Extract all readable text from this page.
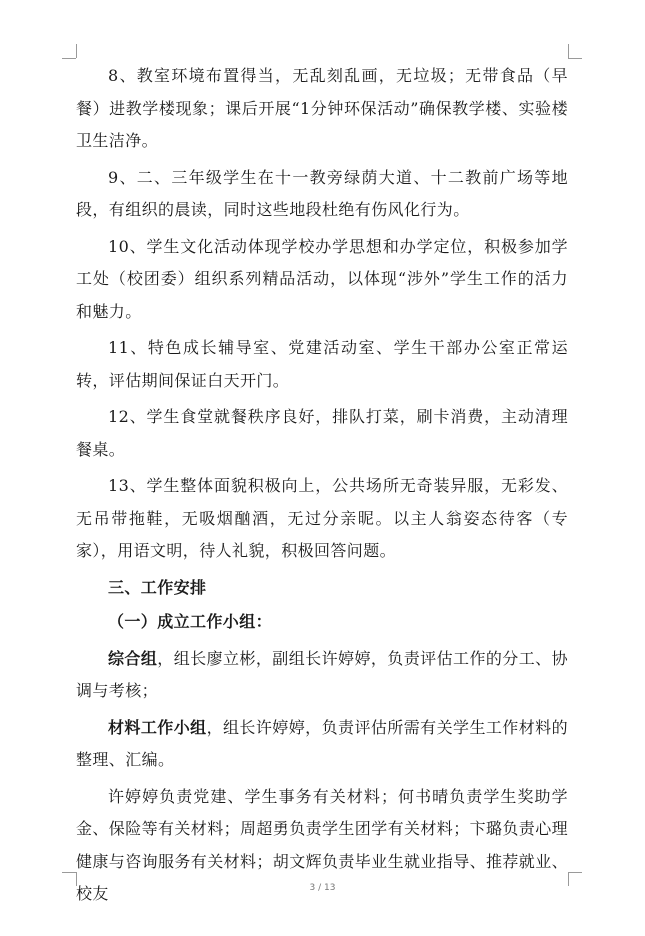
8、教室环境布置得当，无乱刻乱画，无垃圾；无带食品（早餐）进教学楼现象；课后开展“1分钟环保活动”确保教学楼、实验楼卫生洁净。

9、二、三年级学生在十一教旁绿荫大道、十二教前广场等地段，有组织的晨读，同时这些地段杜绝有伤风化行为。

10、学生文化活动体现学校办学思想和办学定位，积极参加学工处（校团委）组织系列精品活动，以体现“涉外”学生工作的活力和魅力。

11、特色成长辅导室、党建活动室、学生干部办公室正常运转，评估期间保证白天开门。

12、学生食堂就餐秩序良好，排队打菜，刷卡消费，主动清理餐桌。

13、学生整体面貌积极向上，公共场所无奇装异服，无彩发、无吊带拖鞋，无吸烟酗酒，无过分亲昵。以主人翁姿态待客（专家），用语文明，待人礼貌，积极回答问题。

三、工作安排

（一）成立工作小组：

综合组，组长廖立彬，副组长许婷婷，负责评估工作的分工、协调与考核；

材料工作小组，组长许婷婷，负责评估所需有关学生工作材料的整理、汇编。

许婷婷负责党建、学生事务有关材料；何书晴负责学生奖助学金、保险等有关材料；周超勇负责学生团学有关材料；卞璐负责心理健康与咨询服务有关材料；胡文辉负责毕业生就业指导、推荐就业、校友	3 / 13
